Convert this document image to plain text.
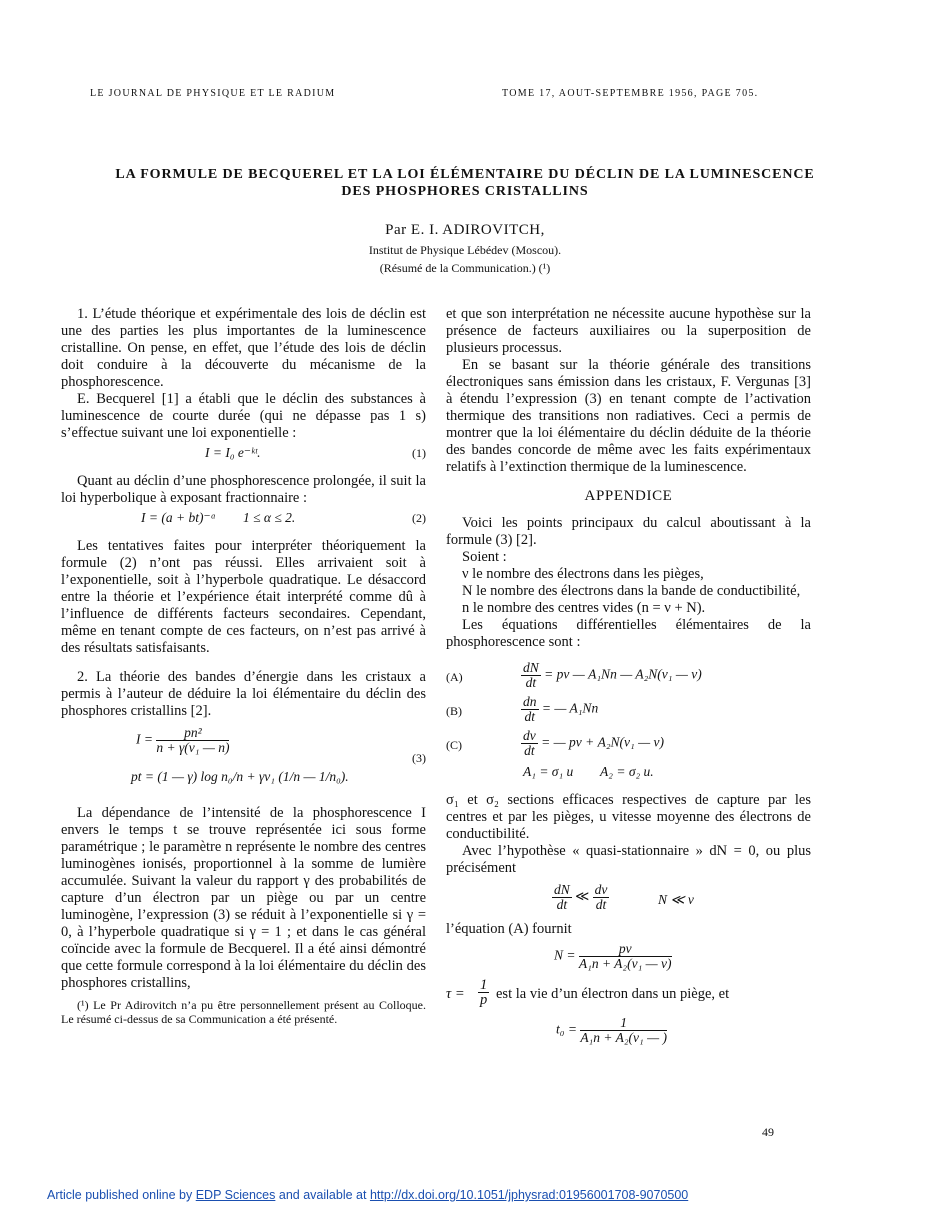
LE JOURNAL DE PHYSIQUE ET LE RADIUM	TOME 17, AOUT-SEPTEMBRE 1956, PAGE 705.
LA FORMULE DE BECQUEREL ET LA LOI ÉLÉMENTAIRE DU DÉCLIN DE LA LUMINESCENCE
DES PHOSPHORES CRISTALLINS
Par E. I. ADIROVITCH,
Institut de Physique Lébédev (Moscou).
(Résumé de la Communication.) (¹)

1. L’étude théorique et expérimentale des lois de déclin est une des parties les plus importantes de la luminescence cristalline. On pense, en effet, que l’étude des lois de déclin doit conduire à la découverte du mécanisme de la phosphorescence.

E. Becquerel [1] a établi que le déclin des substances à luminescence de courte durée (qui ne dépasse pas 1 s) s’effectue suivant une loi exponentielle :

I = I₀ e⁻ᵏᵗ.	(1)

Quant au déclin d’une phosphorescence prolongée, il suit la loi hyperbolique à exposant fractionnaire :

I = (a + bt)⁻ᵅ        1 ≤ α ≤ 2.	(2)

Les tentatives faites pour interpréter théoriquement la formule (2) n’ont pas réussi. Elles arrivaient soit à l’exponentielle, soit à l’hyperbole quadratique. Le désaccord entre la théorie et l’expérience était interprété comme dû à l’influence de différents facteurs secondaires. Cependant, même en tenant compte de ces facteurs, on n’est pas arrivé à des résultats satisfaisants.

2. La théorie des bandes d’énergie dans les cristaux a permis à l’auteur de déduire la loi élémentaire du déclin des phosphores cristallins [2].

$I = \frac{\text{pn²}}{\text{n + γ(ν₁ — n)}}$
pt = (1 — γ) log n₀/n + γν₁ (1/n — 1/n₀).
(3)

La dépendance de l’intensité de la phosphorescence I envers le temps t se trouve représentée ici sous forme paramétrique ; le paramètre n représente le nombre des centres luminogènes ionisés, proportionnel à la somme de lumière accumulée. Suivant la valeur du rapport γ des probabilités de capture d’un électron par un piège ou par un centre luminogène, l’expression (3) se réduit à l’exponentielle si γ = 0, à l’hyperbole quadratique si γ = 1 ; et dans le cas général coïncide avec la formule de Becquerel. Il a été ainsi démontré que cette formule correspond à la loi élémentaire du déclin des phosphores cristallins,

(¹) Le Pr Adirovitch n’a pu être personnellement présent au Colloque. Le résumé ci-dessus de sa Communication a été présenté.

et que son interprétation ne nécessite aucune hypothèse sur la présence de facteurs auxiliaires ou la superposition de plusieurs processus.

En se basant sur la théorie générale des transitions électroniques sans émission dans les cristaux, F. Vergunas [3] à étendu l’expression (3) en tenant compte de l’activation thermique des transitions non radiatives. Ceci a permis de montrer que la loi élémentaire du déclin déduite de la théorie des bandes concorde de même avec les faits expérimentaux relatifs à l’extinction thermique de la luminescence.

APPENDICE

Voici les points principaux du calcul aboutissant à la formule (3) [2].

Soient :

ν le nombre des électrons dans les pièges,

N le nombre des électrons dans la bande de conductibilité,

n le nombre des centres vides (n = ν + N).

Les équations différentielles élémentaires de la phosphorescence sont :

(A)	$\frac{dN}{dt} = p\nu$ — A₁Nn — A₂N(ν₁ — ν)
(B)	$\frac{dn}{dt}$ = — A₁Nn
(C)	$\frac{d\nu}{dt}$ = — pν + A₂N(ν₁ — ν)
A₁ = σ₁ u        A₂ = σ₂ u.

σ₁ et σ₂ sections efficaces respectives de capture par les centres et par les pièges, u vitesse moyenne des électrons de conductibilité.

Avec l’hypothèse « quasi-stationnaire » dN = 0, ou plus précisément

$\frac{dN}{dt}$ ≪ $\frac{d\nu}{dt}$	N ≪ ν

l’équation (A) fournit

$N = \frac{p\nu}{\text{A₁n + A₂(ν₁ — ν)}}$
$\tau = \frac{1}{p}$ est la vie d’un électron dans un piège, et
$t_0 = \frac{1}{\text{A₁n + A₂(ν₁ — )}}$
49
Article published online by EDP Sciences and available at http://dx.doi.org/10.1051/jphysrad:01956001708-9070500
